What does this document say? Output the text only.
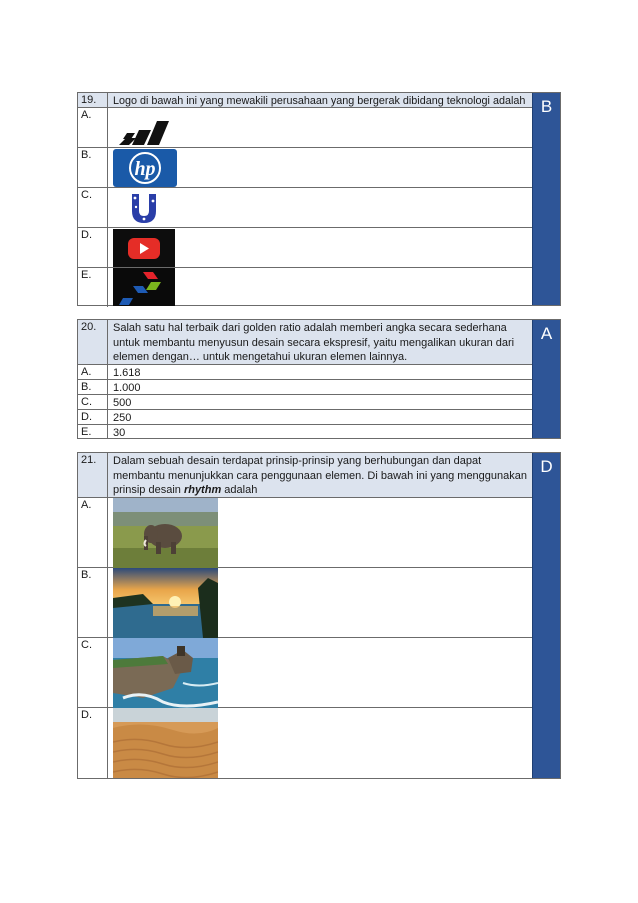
19.	Logo di bawah ini yang mewakili perusahaan yang bergerak dibidang teknologi adalah
A.
B.
hp
C.
D.
E.
B
20.	Salah satu hal terbaik dari golden ratio adalah memberi angka secara sederhana untuk membantu menyusun desain secara ekspresif, yaitu mengalikan ukuran dari elemen dengan… untuk mengetahui ukuran elemen lainnya.
A.	1.618
B.	1.000
C.	500
D.	250
E.	30
A
21.	Dalam sebuah desain terdapat prinsip-prinsip yang berhubungan dan dapat membantu menunjukkan cara penggunaan elemen. Di bawah ini yang menggunakan prinsip desain rhythm adalah
A.
B.
C.
D.
D
